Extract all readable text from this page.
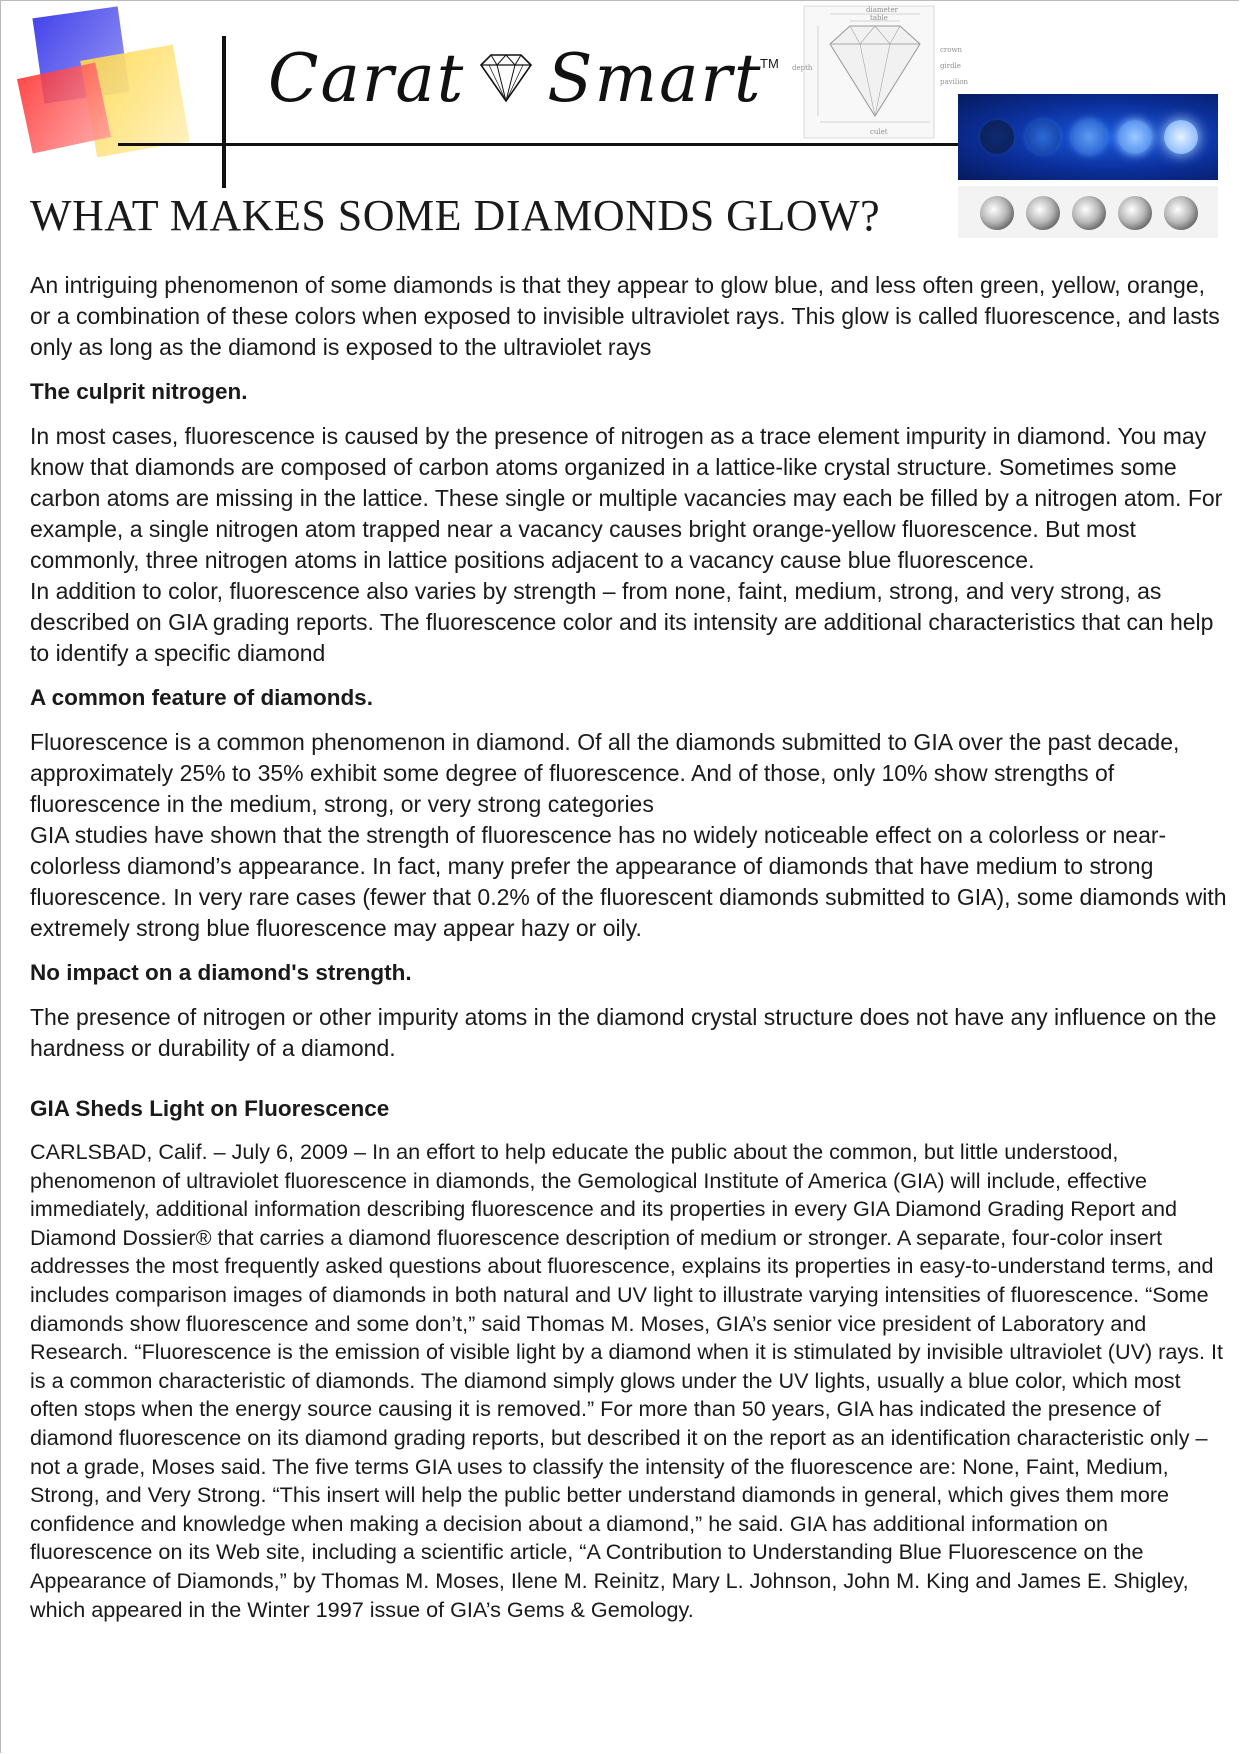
Carat Smart
TM
diameter
table
crown
girdle
pavilion
depth
culet
WHAT MAKES SOME DIAMONDS GLOW?

An intriguing phenomenon of some diamonds is that they appear to glow blue, and less often green, yellow, orange, or a combination of these colors when exposed to invisible ultraviolet rays. This glow is called fluorescence, and lasts only as long as the diamond is exposed to the ultraviolet rays

The culprit nitrogen.

In most cases, fluorescence is caused by the presence of nitrogen as a trace element impurity in diamond. You may know that diamonds are composed of carbon atoms organized in a lattice-like crystal structure. Sometimes some carbon atoms are missing in the lattice. These single or multiple vacancies may each be filled by a nitrogen atom. For example, a single nitrogen atom trapped near a vacancy causes bright orange-yellow fluorescence. But most commonly, three nitrogen atoms in lattice positions adjacent to a vacancy cause blue fluorescence.

In addition to color, fluorescence also varies by strength – from none, faint, medium, strong, and very strong, as described on GIA grading reports. The fluorescence color and its intensity are additional characteristics that can help to identify a specific diamond

A common feature of diamonds.

Fluorescence is a common phenomenon in diamond. Of all the diamonds submitted to GIA over the past decade, approximately 25% to 35% exhibit some degree of fluorescence. And of those, only 10% show strengths of fluorescence in the medium, strong, or very strong categories

GIA studies have shown that the strength of fluorescence has no widely noticeable effect on a colorless or near-colorless diamond’s appearance. In fact, many prefer the appearance of diamonds that have medium to strong fluorescence. In very rare cases (fewer that 0.2% of the fluorescent diamonds submitted to GIA), some diamonds with extremely strong blue fluorescence may appear hazy or oily.

No impact on a diamond's strength.

The presence of nitrogen or other impurity atoms in the diamond crystal structure does not have any influence on the hardness or durability of a diamond.

GIA Sheds Light on Fluorescence

CARLSBAD, Calif. – July 6, 2009 – In an effort to help educate the public about the common, but little understood, phenomenon of ultraviolet fluorescence in diamonds, the Gemological Institute of America (GIA) will include, effective immediately, additional information describing fluorescence and its properties in every GIA Diamond Grading Report and Diamond Dossier® that carries a diamond fluorescence description of medium or stronger. A separate, four-color insert addresses the most frequently asked questions about fluorescence, explains its properties in easy-to-understand terms, and includes comparison images of diamonds in both natural and UV light to illustrate varying intensities of fluorescence. “Some diamonds show fluorescence and some don’t,” said Thomas M. Moses, GIA’s senior vice president of Laboratory and Research. “Fluorescence is the emission of visible light by a diamond when it is stimulated by invisible ultraviolet (UV) rays. It is a common characteristic of diamonds. The diamond simply glows under the UV lights, usually a blue color, which most often stops when the energy source causing it is removed.” For more than 50 years, GIA has indicated the presence of diamond fluorescence on its diamond grading reports, but described it on the report as an identification characteristic only – not a grade, Moses said. The five terms GIA uses to classify the intensity of the fluorescence are: None, Faint, Medium, Strong, and Very Strong. “This insert will help the public better understand diamonds in general, which gives them more confidence and knowledge when making a decision about a diamond,” he said. GIA has additional information on fluorescence on its Web site, including a scientific article, “A Contribution to Understanding Blue Fluorescence on the Appearance of Diamonds,” by Thomas M. Moses, Ilene M. Reinitz, Mary L. Johnson, John M. King and James E. Shigley, which appeared in the Winter 1997 issue of GIA’s Gems & Gemology.
